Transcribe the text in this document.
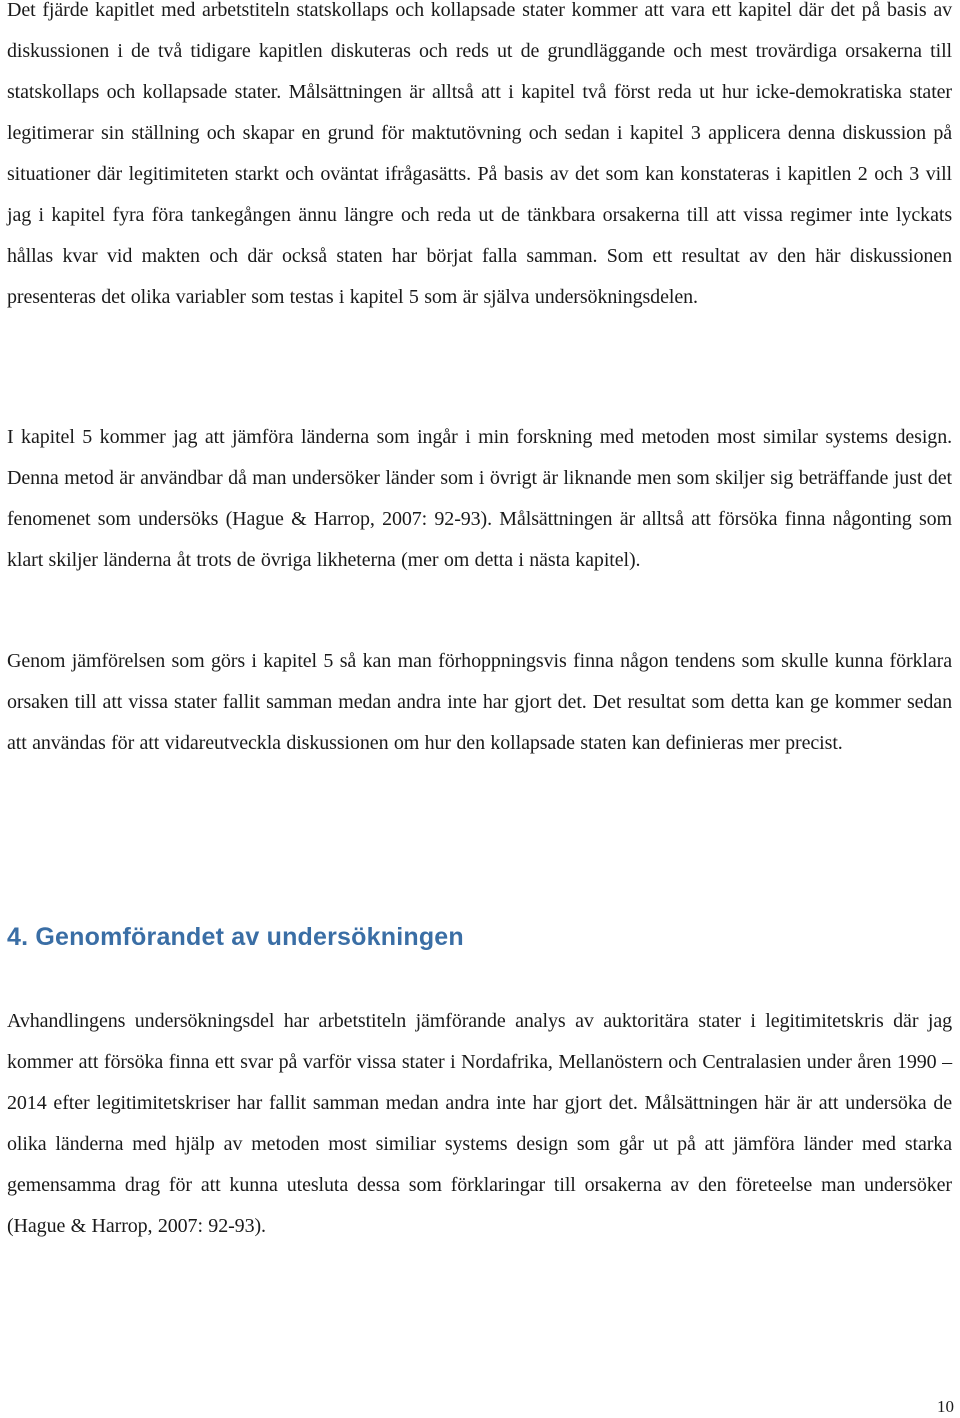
Det fjärde kapitlet med arbetstiteln statskollaps och kollapsade stater kommer att vara ett kapitel där det på basis av diskussionen i de två tidigare kapitlen diskuteras och reds ut de grundläggande och mest trovärdiga orsakerna till statskollaps och kollapsade stater. Målsättningen är alltså att i kapitel två först reda ut hur icke-demokratiska stater legitimerar sin ställning och skapar en grund för maktutövning och sedan i kapitel 3 applicera denna diskussion på situationer där legitimiteten starkt och oväntat ifrågasätts. På basis av det som kan konstateras i kapitlen 2 och 3 vill jag i kapitel fyra föra tankegången ännu längre och reda ut de tänkbara orsakerna till att vissa regimer inte lyckats hållas kvar vid makten och där också staten har börjat falla samman. Som ett resultat av den här diskussionen presenteras det olika variabler som testas i kapitel 5 som är själva undersökningsdelen.

I kapitel 5 kommer jag att jämföra länderna som ingår i min forskning med metoden most similar systems design. Denna metod är användbar då man undersöker länder som i övrigt är liknande men som skiljer sig beträffande just det fenomenet som undersöks (Hague & Harrop, 2007: 92-93). Målsättningen är alltså att försöka finna någonting som klart skiljer länderna åt trots de övriga likheterna (mer om detta i nästa kapitel).

Genom jämförelsen som görs i kapitel 5 så kan man förhoppningsvis finna någon tendens som skulle kunna förklara orsaken till att vissa stater fallit samman medan andra inte har gjort det. Det resultat som detta kan ge kommer sedan att användas för att vidareutveckla diskussionen om hur den kollapsade staten kan definieras mer precist.

4. Genomförandet av undersökningen

Avhandlingens undersökningsdel har arbetstiteln jämförande analys av auktoritära stater i legitimitetskris där jag kommer att försöka finna ett svar på varför vissa stater i Nordafrika, Mellanöstern och Centralasien under åren 1990 – 2014 efter legitimitetskriser har fallit samman medan andra inte har gjort det. Målsättningen här är att undersöka de olika länderna med hjälp av metoden most similiar systems design som går ut på att jämföra länder med starka gemensamma drag för att kunna utesluta dessa som förklaringar till orsakerna av den företeelse man undersöker (Hague & Harrop, 2007: 92-93).

10
